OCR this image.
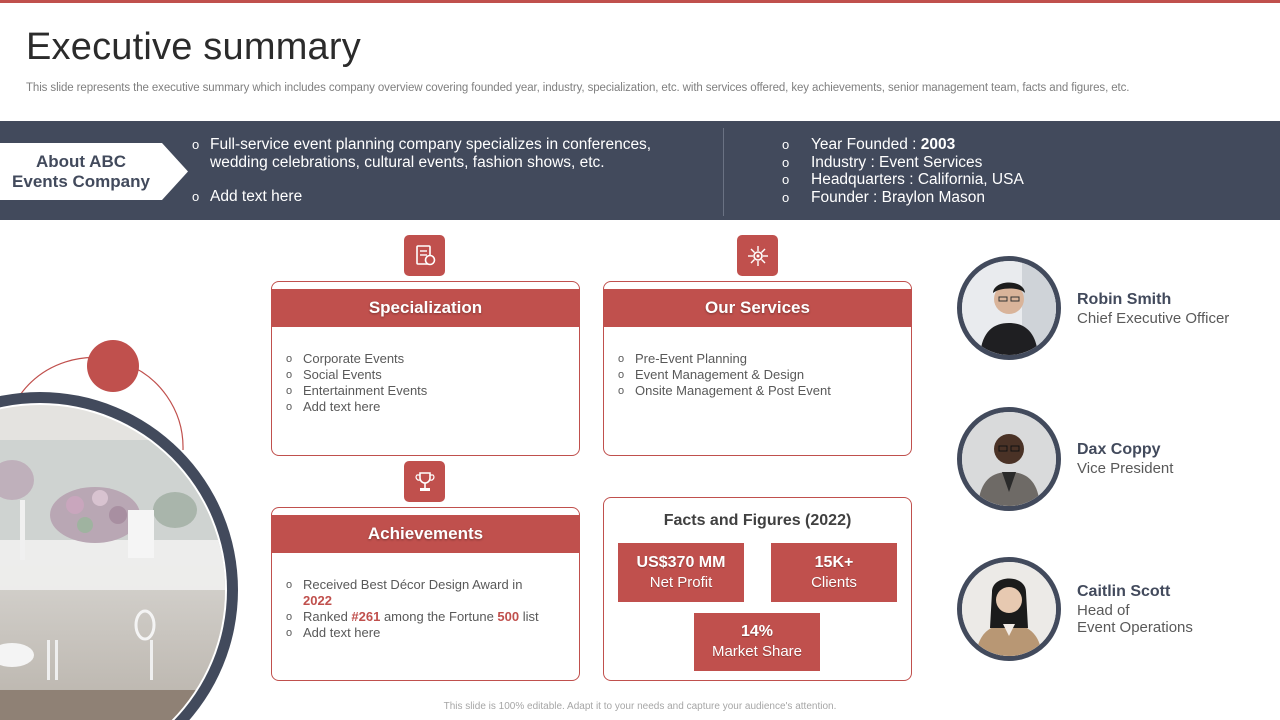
Executive summary

This slide represents the executive summary which includes company overview covering founded year, industry, specialization, etc. with services offered, key achievements, senior management team, facts and figures, etc.

About ABC
Events Company
o Full-service event planning company specializes in conferences, wedding celebrations, cultural events, fashion shows, etc.
o Add text here
o Year Founded : 2003
o Industry : Event Services
o Headquarters : California, USA
o Founder : Braylon Mason
Specialization
o Corporate Events
o Social Events
o Entertainment Events
o Add text here
Our Services
o Pre-Event Planning
o Event Management & Design
o Onsite Management & Post Event
Achievements
o Received Best Décor Design Award in
2022
o Ranked #261 among the Fortune 500 list
o Add text here
Facts and Figures (2022)
US$370 MM
Net Profit
15K+
Clients
14%
Market Share
Robin Smith
Chief Executive Officer
Dax Coppy
Vice President
Caitlin Scott
Head of
Event Operations
This slide is 100% editable. Adapt it to your needs and capture your audience's attention.
